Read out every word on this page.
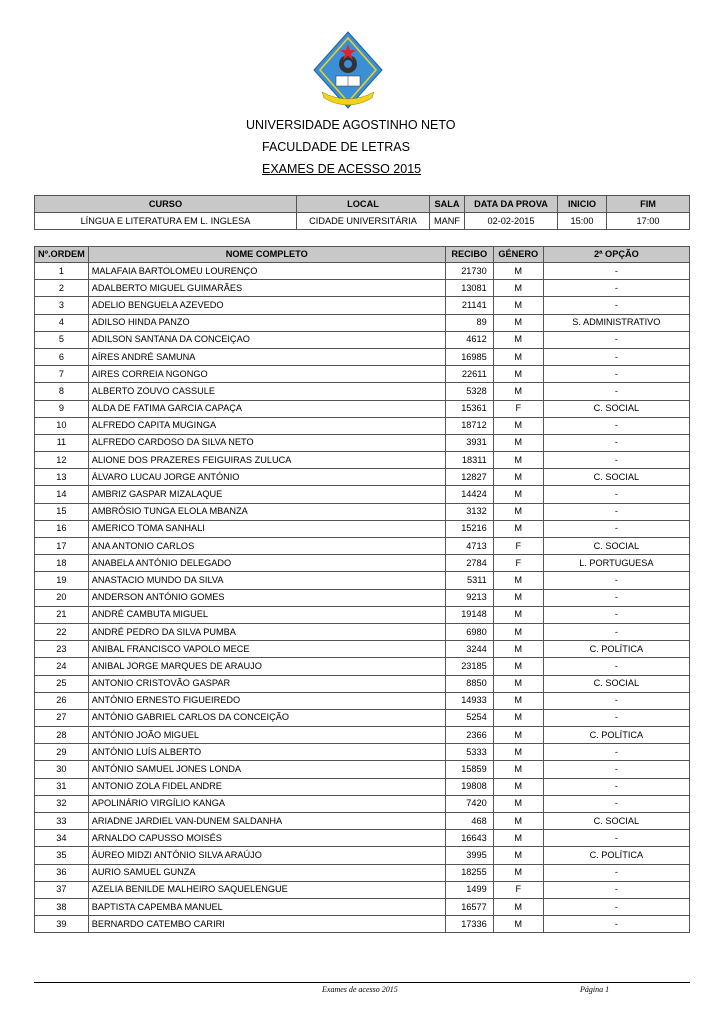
UNIVERSIDADE AGOSTINHO NETO
FACULDADE DE LETRAS
EXAMES DE ACESSO 2015
CURSO	LOCAL	SALA	DATA DA PROVA	INICIO	FIM
LÍNGUA E LITERATURA EM L. INGLESA	CIDADE UNIVERSITÁRIA	MANF	02-02-2015	15:00	17:00
Nº.ORDEM	NOME COMPLETO	RECIBO	GÉNERO	2ª OPÇÃO
1	MALAFAIA BARTOLOMEU LOURENÇO	21730	M	-
2	ADALBERTO MIGUEL GUIMARÃES	13081	M	-
3	ADELIO BENGUELA AZEVEDO	21141	M	-
4	ADILSO HINDA PANZO	89	M	S. ADMINISTRATIVO
5	ADILSON SANTANA DA CONCEIÇAO	4612	M	-
6	AÍRES ANDRÉ SAMUNA	16985	M	-
7	AIRES CORREIA NGONGO	22611	M	-
8	ALBERTO ZOUVO CASSULE	5328	M	-
9	ALDA DE FATIMA GARCIA CAPAÇA	15361	F	C. SOCIAL
10	ALFREDO CAPITA MUGINGA	18712	M	-
11	ALFREDO CARDOSO DA SILVA NETO	3931	M	-
12	ALIONE DOS PRAZERES FEIGUIRAS ZULUCA	18311	M	-
13	ÁLVARO LUCAU JORGE ANTÓNIO	12827	M	C. SOCIAL
14	AMBRIZ GASPAR MIZALAQUE	14424	M	-
15	AMBRÓSIO TUNGA ELOLA MBANZA	3132	M	-
16	AMERICO TOMA SANHALI	15216	M	-
17	ANA ANTONIO CARLOS	4713	F	C. SOCIAL
18	ANABELA ANTÓNIO DELEGADO	2784	F	L. PORTUGUESA
19	ANASTACIO MUNDO DA SILVA	5311	M	-
20	ANDERSON ANTÓNIO GOMES	9213	M	-
21	ANDRÉ CAMBUTA MIGUEL	19148	M	-
22	ANDRÉ PEDRO DA SILVA PUMBA	6980	M	-
23	ANIBAL FRANCISCO VAPOLO MECE	3244	M	C. POLÍTICA
24	ANIBAL JORGE MARQUES DE ARAUJO	23185	M	-
25	ANTONIO CRISTOVÃO GASPAR	8850	M	C. SOCIAL
26	ANTÓNIO ERNESTO FIGUEIREDO	14933	M	-
27	ANTÓNIO GABRIEL CARLOS DA CONCEIÇÃO	5254	M	-
28	ANTÓNIO JOÃO MIGUEL	2366	M	C. POLÍTICA
29	ANTÓNIO LUÍS ALBERTO	5333	M	-
30	ANTÓNIO SAMUEL JONES LONDA	15859	M	-
31	ANTONIO ZOLA FIDEL ANDRE	19808	M	-
32	APOLINÁRIO VIRGÍLIO KANGA	7420	M	-
33	ARIADNE JARDIEL VAN-DUNEM SALDANHA	468	M	C. SOCIAL
34	ARNALDO CAPUSSO MOISÉS	16643	M	-
35	ÁUREO MIDZI ANTÓNIO SILVA ARAÚJO	3995	M	C. POLÍTICA
36	AURIO SAMUEL GUNZA	18255	M	-
37	AZELIA BENILDE MALHEIRO SAQUELENGUE	1499	F	-
38	BAPTISTA CAPEMBA MANUEL	16577	M	-
39	BERNARDO CATEMBO CARIRI	17336	M	-
Exames de acesso 2015	Página 1
